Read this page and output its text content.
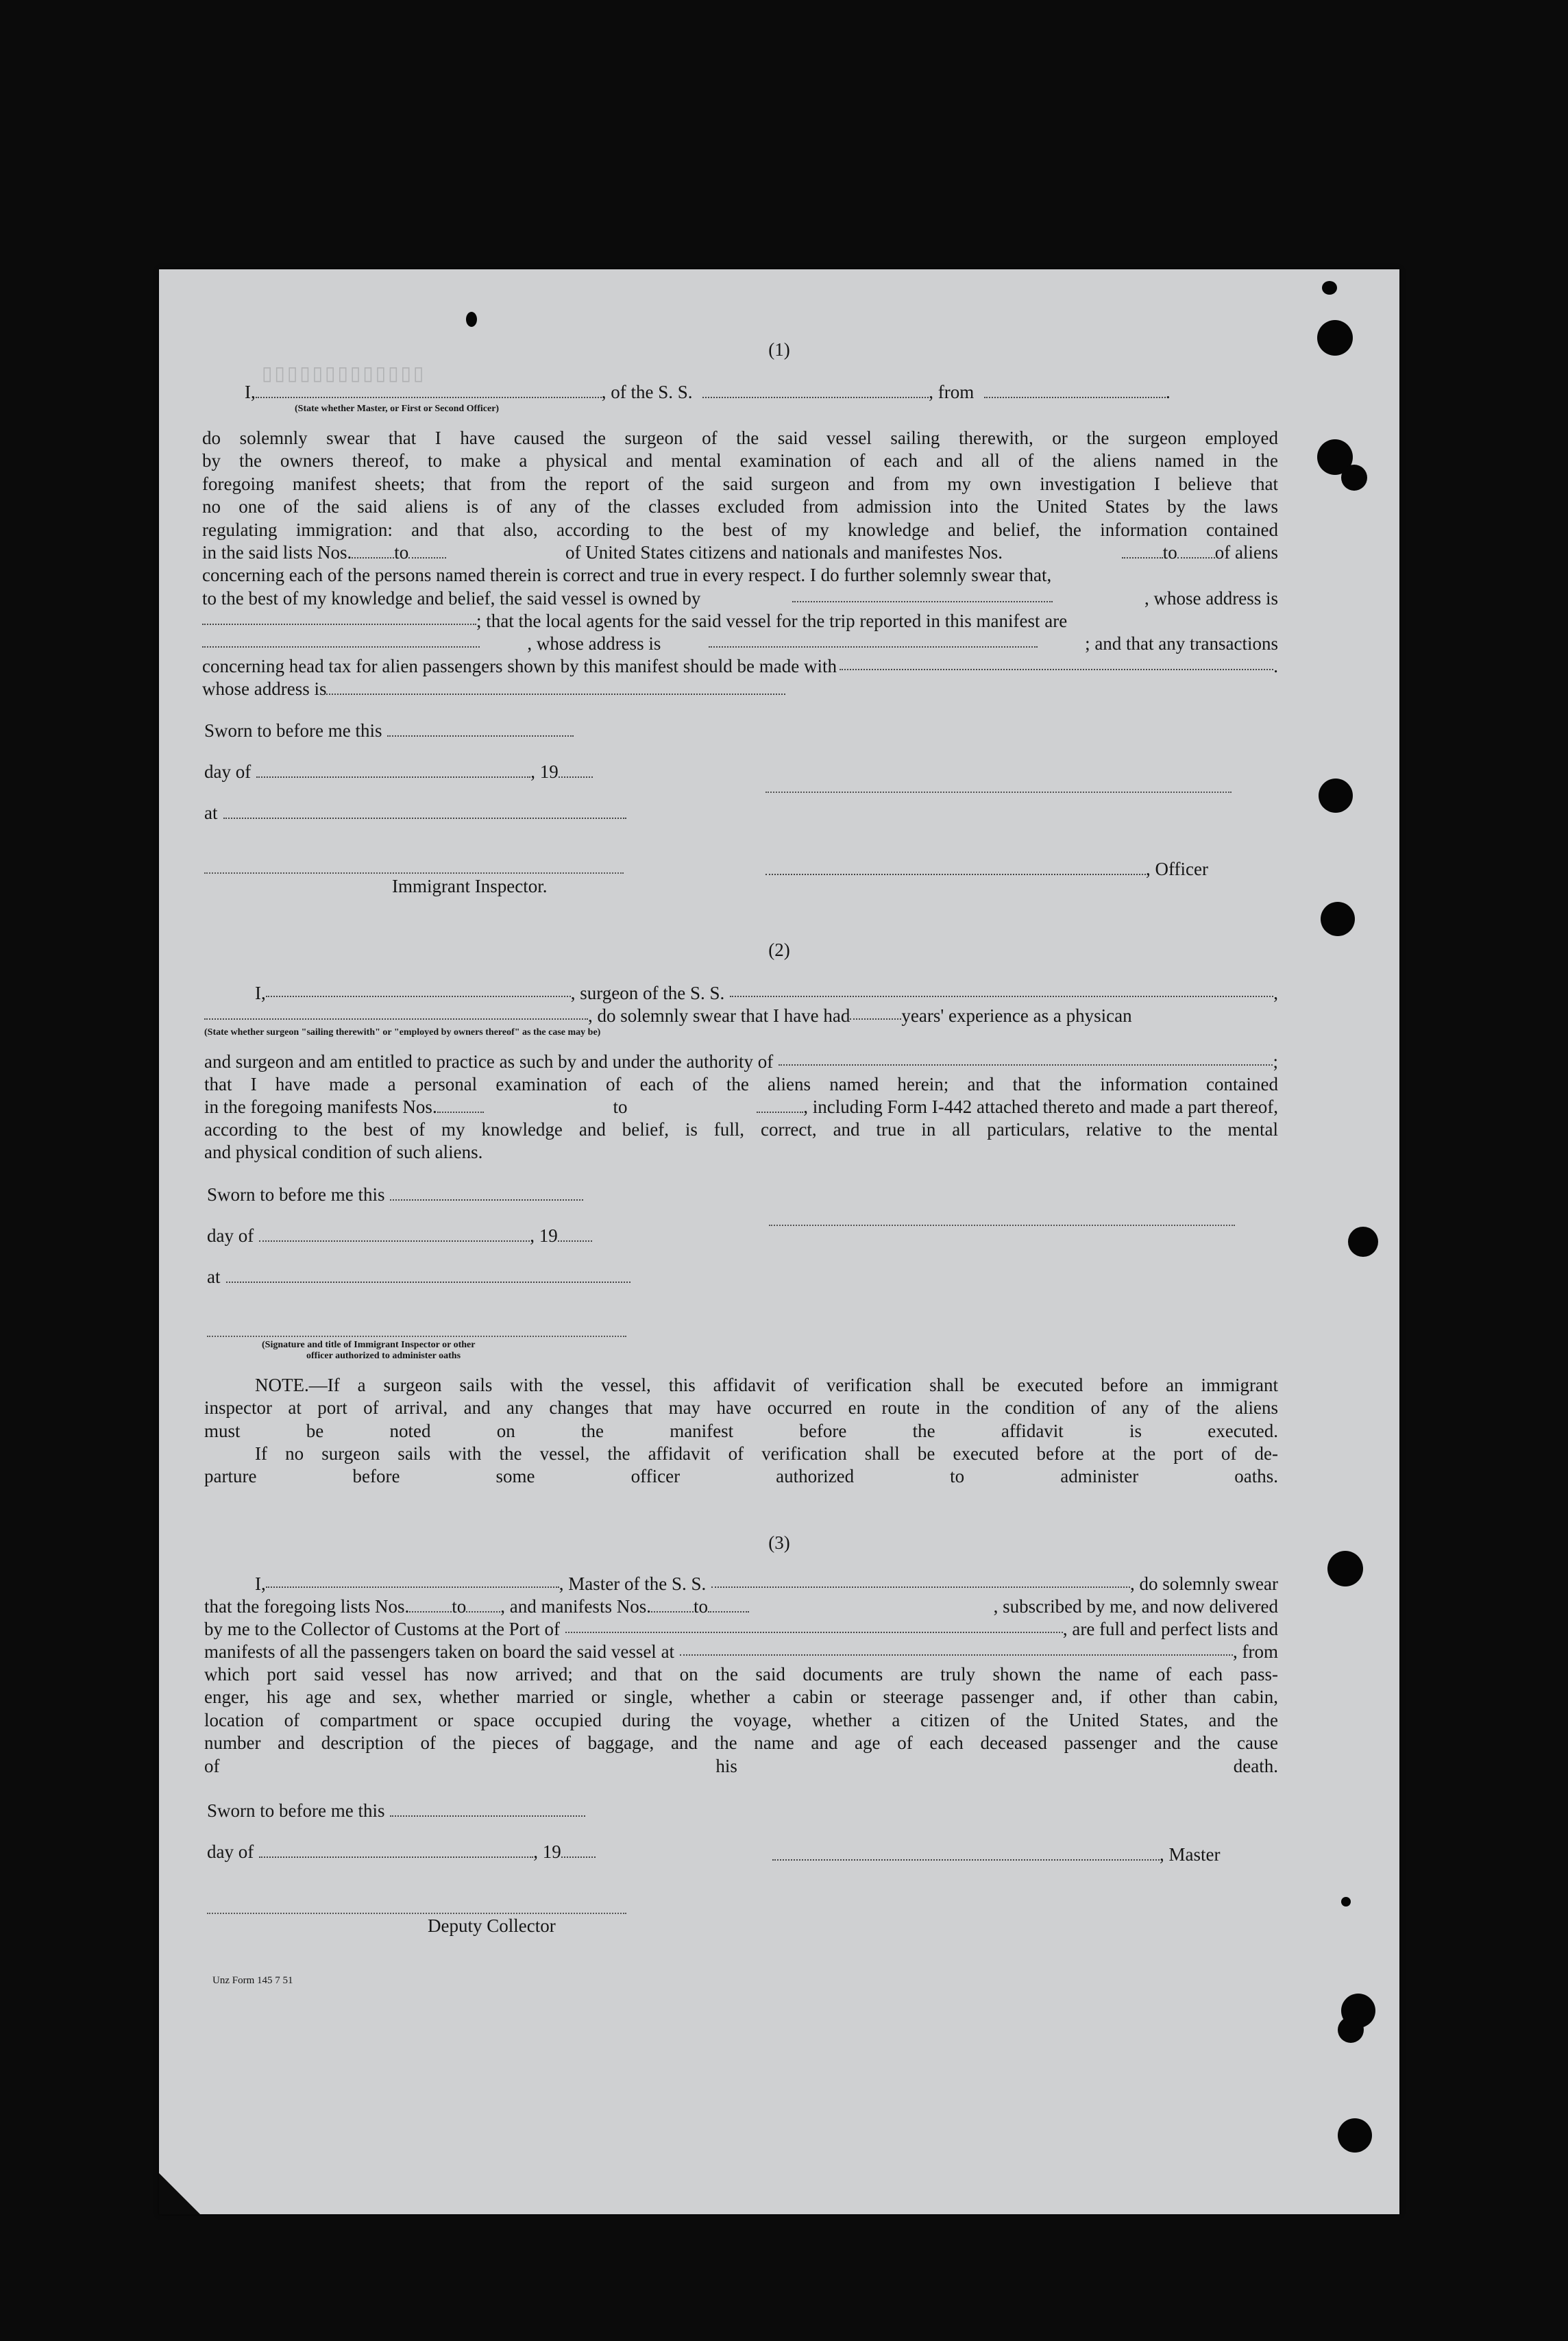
▯▯▯▯▯▯▯▯▯▯▯▯▯
(1)
I,	, of the S. S.	, from	.
(State whether Master, or First or Second Officer)
do solemnly swear that I have caused the surgeon of the said vessel sailing therewith, or the surgeon employed
by the owners thereof, to make a physical and mental examination of each and all of the aliens named in the
foregoing manifest sheets; that from the report of the said surgeon and from my own investigation I believe that
no one of the said aliens is of any of the classes excluded from admission into the United States by the laws
regulating immigration: and that also, according to the best of my knowledge and belief, the information contained
in the said lists Nos. to	of United States citizens and nationals and manifestes Nos.	to of aliens
concerning each of the persons named therein is correct and true in every respect. I do further solemnly swear that,
to the best of my knowledge and belief, the said vessel is owned by	, whose address is
; that the local agents for the said vessel for the trip reported in this manifest are
, whose address is	; and that any transactions
concerning head tax for alien passengers shown by this manifest should be made with	.
whose address is
Sworn to before me this
day of	, 19
at
, Officer
Immigrant Inspector.
(2)
I,	, surgeon of the S. S.	,
, do solemnly swear that I have had	years' experience as a physican
(State whether surgeon "sailing therewith" or "employed by owners thereof" as the case may be)
and surgeon and am entitled to practice as such by and under the authority of	;
that I have made a personal examination of each of the aliens named herein; and that the information contained
in the foregoing manifests Nos.	to	, including Form I-442 attached thereto and made a part thereof,
according to the best of my knowledge and belief, is full, correct, and true in all particulars, relative to the mental
and physical condition of such aliens.
Sworn to before me this
day of	, 19
at
(Signature and title of Immigrant Inspector or other
officer authorized to administer oaths
NOTE.—If a surgeon sails with the vessel, this affidavit of verification shall be executed before an immigrant
inspector at port of arrival, and any changes that may have occurred en route in the condition of any of the aliens
must be noted on the manifest before the affidavit is executed.
If no surgeon sails with the vessel, the affidavit of verification shall be executed before at the port of de-
parture before some officer authorized to administer oaths.
(3)
I,	, Master of the S. S.	, do solemnly swear
that the foregoing lists Nos. to , and manifests Nos. to	, subscribed by me, and now delivered
by me to the Collector of Customs at the Port of	, are full and perfect lists and
manifests of all the passengers taken on board the said vessel at	, from
which port said vessel has now arrived; and that on the said documents are truly shown the name of each pass-
enger, his age and sex, whether married or single, whether a cabin or steerage passenger and, if other than cabin,
location of compartment or space occupied during the voyage, whether a citizen of the United States, and the
number and description of the pieces of baggage, and the name and age of each deceased passenger and the cause
of his death.
Sworn to before me this
day of	, 19	, Master
Deputy Collector
Unz Form 145 7 51
